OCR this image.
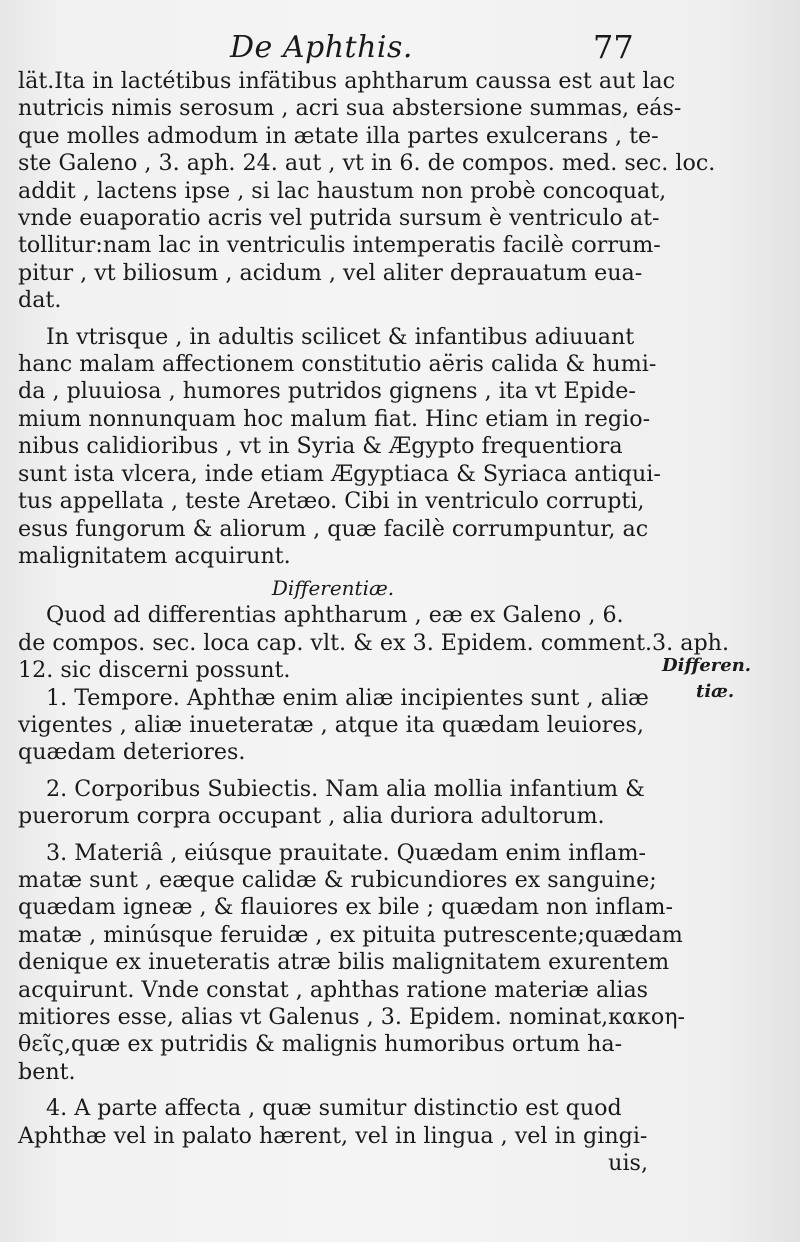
De Aphthis.	77
lät.Ita in lactétibus infätibus aphtharum caussa est aut lac
nutricis nimis serosum , acri sua abstersione summas, eás-
que molles admodum in ætate illa partes exulcerans , te-
ste Galeno , 3. aph. 24. aut , vt in 6. de compos. med. sec. loc.
addit , lactens ipse , si lac haustum non probè concoquat,
vnde euaporatio acris vel putrida sursum è ventriculo at-
tollitur:nam lac in ventriculis intemperatis facilè corrum-
pitur , vt biliosum , acidum , vel aliter deprauatum eua-
dat.
In vtrisque , in adultis scilicet & infantibus adiuuant
hanc malam affectionem constitutio aëris calida & humi-
da , pluuiosa , humores putridos gignens , ita vt Epide-
mium nonnunquam hoc malum fiat. Hinc etiam in regio-
nibus calidioribus , vt in Syria & Ægypto frequentiora
sunt ista vlcera, inde etiam Ægyptiaca & Syriaca antiqui-
tus appellata , teste Aretæo. Cibi in ventriculo corrupti,
esus fungorum & aliorum , quæ facilè corrumpuntur, ac
malignitatem acquirunt.
Differentiæ.
Quod ad differentias aphtharum , eæ ex Galeno , 6.
de compos. sec. loca cap. vlt. & ex 3. Epidem. comment.3. aph.
12. sic discerni possunt.
1. Tempore. Aphthæ enim aliæ incipientes sunt , aliæ
vigentes , aliæ inueteratæ , atque ita quædam leuiores,
quædam deteriores.
2. Corporibus Subiectis. Nam alia mollia infantium &
puerorum corpra occupant , alia duriora adultorum.
3. Materiâ , eiúsque prauitate. Quædam enim inflam-
matæ sunt , eæque calidæ & rubicundiores ex sanguine;
quædam igneæ , & flauiores ex bile ; quædam non inflam-
matæ , minúsque feruidæ , ex pituita putrescente;quædam
denique ex inueteratis atræ bilis malignitatem exurentem
acquirunt. Vnde constat , aphthas ratione materiæ alias
mitiores esse, alias vt Galenus , 3. Epidem. nominat,κακοη-
θεῖς,quæ ex putridis & malignis humoribus ortum ha-
bent.
4. A parte affecta , quæ sumitur distinctio est quod
Aphthæ vel in palato hærent, vel in lingua , vel in gingi-
uis,
Differen.
tiæ.
